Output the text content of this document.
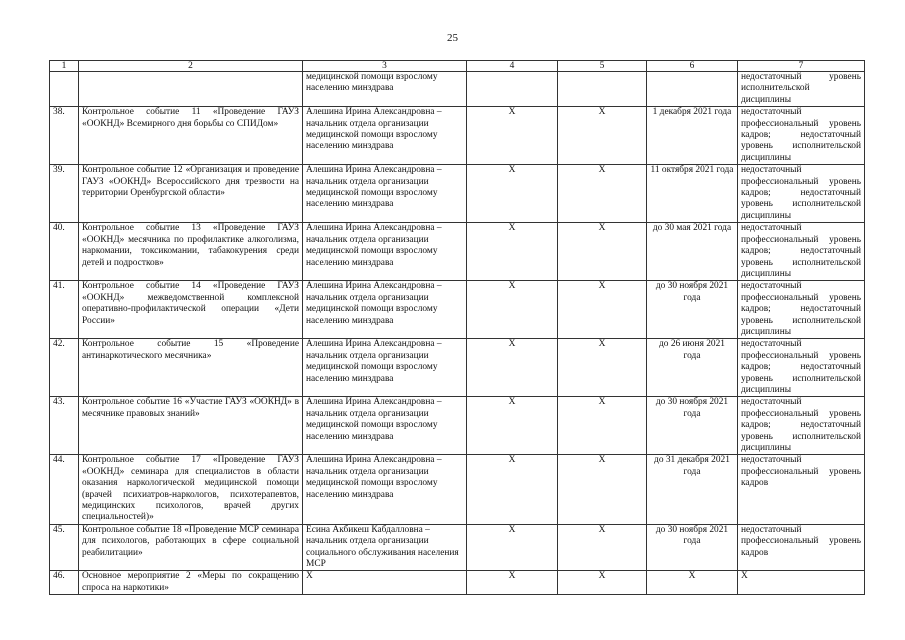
25
1	2	3	4	5	6	7
		медицинской помощи взрослому населению минздрава				недостаточный уровень исполнительской дисциплины
38.	Контрольное событие 11 «Проведение ГАУЗ «ООКНД» Всемирного дня борьбы со СПИДом»	Алешина Ирина Александровна – начальник отдела организации медицинской помощи взрослому населению минздрава	X	X	1 декабря 2021 года	недостаточный профессиональный уровень кадров; недостаточный уровень исполнительской дисциплины
39.	Контрольное событие 12 «Организация и проведение ГАУЗ «ООКНД» Всероссийского дня трезвости на территории Оренбургской области»	Алешина Ирина Александровна – начальник отдела организации медицинской помощи взрослому населению минздрава	X	X	11 октября 2021 года	недостаточный профессиональный уровень кадров; недостаточный уровень исполнительской дисциплины
40.	Контрольное событие 13 «Проведение ГАУЗ «ООКНД» месячника по профилактике алкоголизма, наркомании, токсикомании, табакокурения среди детей и подростков»	Алешина Ирина Александровна – начальник отдела организации медицинской помощи взрослому населению минздрава	X	X	до 30 мая 2021 года	недостаточный профессиональный уровень кадров; недостаточный уровень исполнительской дисциплины
41.	Контрольное событие 14 «Проведение ГАУЗ «ООКНД» межведомственной комплексной оперативно-профилактической операции «Дети России»	Алешина Ирина Александровна – начальник отдела организации медицинской помощи взрослому населению минздрава	X	X	до 30 ноября 2021 года	недостаточный профессиональный уровень кадров; недостаточный уровень исполнительской дисциплины
42.	Контрольное событие 15 «Проведение антинаркотического месячника»	Алешина Ирина Александровна – начальник отдела организации медицинской помощи взрослому населению минздрава	X	X	до 26 июня 2021 года	недостаточный профессиональный уровень кадров; недостаточный уровень исполнительской дисциплины
43.	Контрольное событие 16 «Участие ГАУЗ «ООКНД» в месячнике правовых знаний»	Алешина Ирина Александровна – начальник отдела организации медицинской помощи взрослому населению минздрава	X	X	до 30 ноября 2021 года	недостаточный профессиональный уровень кадров; недостаточный уровень исполнительской дисциплины
44.	Контрольное событие 17 «Проведение ГАУЗ «ООКНД» семинара для специалистов в области оказания наркологической медицинской помощи (врачей психиатров-наркологов, психотерапевтов, медицинских психологов, врачей других специальностей)»	Алешина Ирина Александровна – начальник отдела организации медицинской помощи взрослому населению минздрава	X	X	до 31 декабря 2021 года	недостаточный профессиональный уровень кадров
45.	Контрольное событие 18 «Проведение МСР семинара для психологов, работающих в сфере социальной реабилитации»	Есина Акбикеш Кабдалловна – начальник отдела организации социального обслуживания населения МСР	X	X	до 30 ноября 2021 года	недостаточный профессиональный уровень кадров
46.	Основное мероприятие 2 «Меры по сокращению спроса на наркотики»	X	X	X	X	X
